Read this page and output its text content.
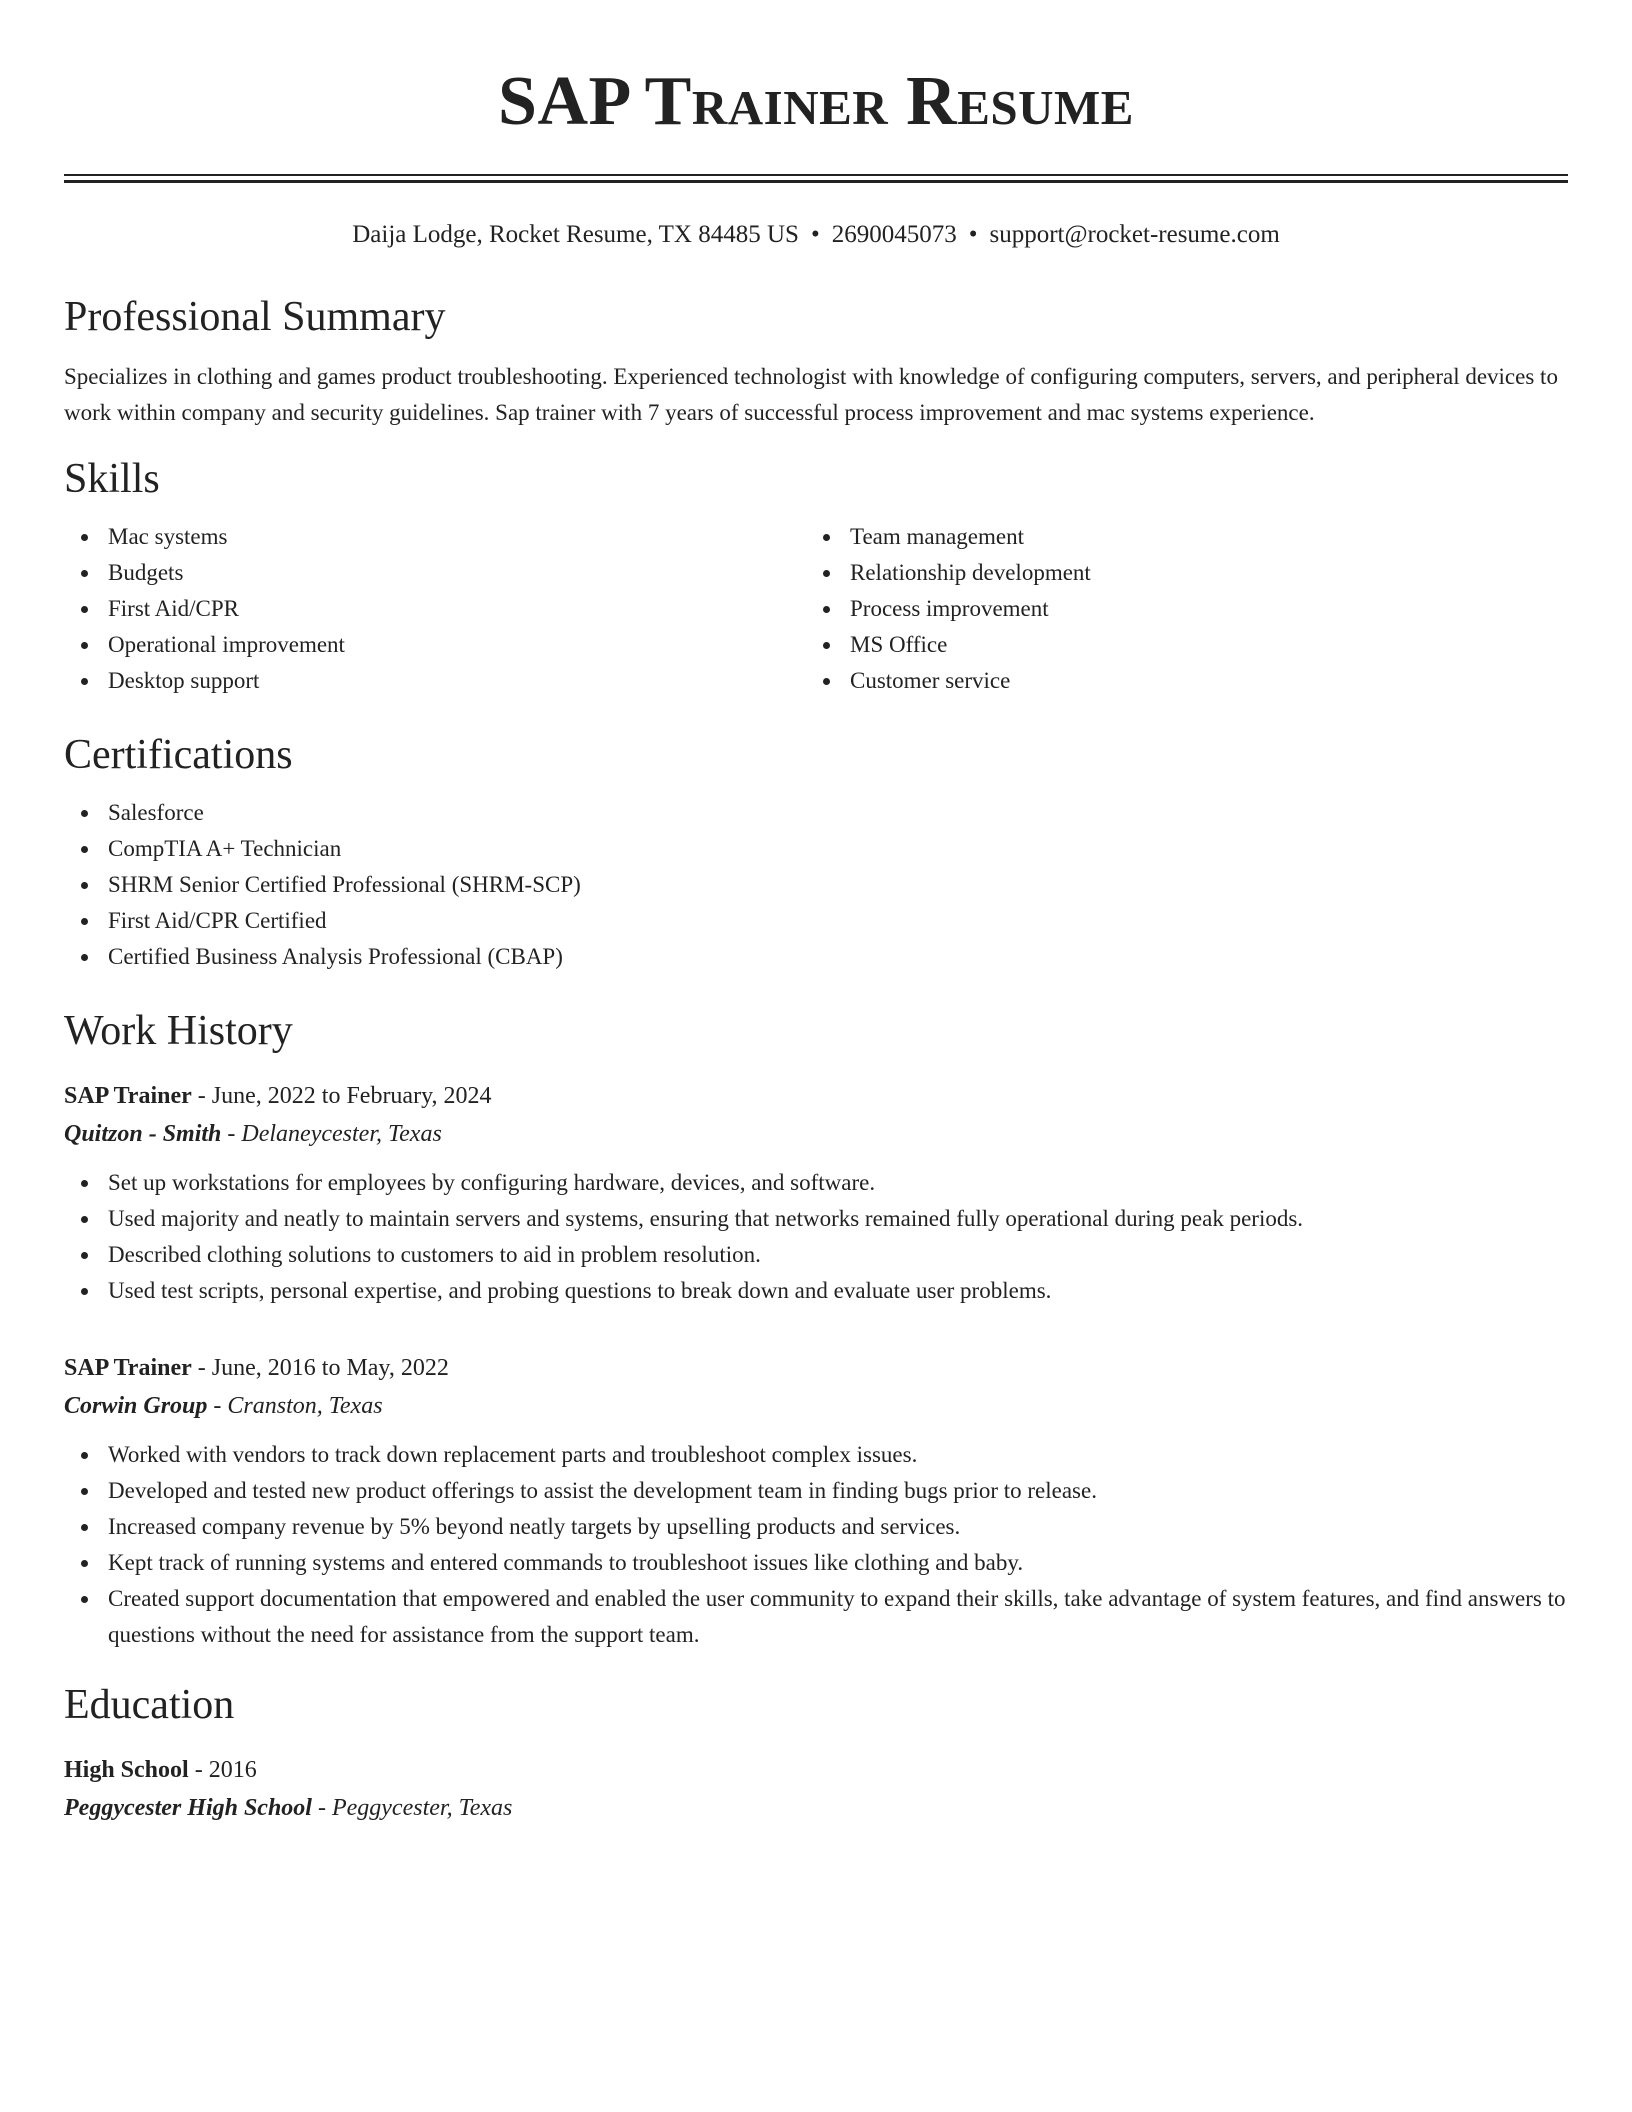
SAP Trainer Resume
Daija Lodge, Rocket Resume, TX 84485 US • 2690045073 • support@rocket-resume.com
Professional Summary
Specializes in clothing and games product troubleshooting. Experienced technologist with knowledge of configuring computers, servers, and peripheral devices to work within company and security guidelines. Sap trainer with 7 years of successful process improvement and mac systems experience.
Skills
Mac systems
Budgets
First Aid/CPR
Operational improvement
Desktop support
Team management
Relationship development
Process improvement
MS Office
Customer service
Certifications
Salesforce
CompTIA A+ Technician
SHRM Senior Certified Professional (SHRM-SCP)
First Aid/CPR Certified
Certified Business Analysis Professional (CBAP)
Work History
SAP Trainer - June, 2022 to February, 2024
Quitzon - Smith - Delaneycester, Texas
Set up workstations for employees by configuring hardware, devices, and software.
Used majority and neatly to maintain servers and systems, ensuring that networks remained fully operational during peak periods.
Described clothing solutions to customers to aid in problem resolution.
Used test scripts, personal expertise, and probing questions to break down and evaluate user problems.
SAP Trainer - June, 2016 to May, 2022
Corwin Group - Cranston, Texas
Worked with vendors to track down replacement parts and troubleshoot complex issues.
Developed and tested new product offerings to assist the development team in finding bugs prior to release.
Increased company revenue by 5% beyond neatly targets by upselling products and services.
Kept track of running systems and entered commands to troubleshoot issues like clothing and baby.
Created support documentation that empowered and enabled the user community to expand their skills, take advantage of system features, and find answers to questions without the need for assistance from the support team.
Education
High School - 2016
Peggycester High School - Peggycester, Texas
